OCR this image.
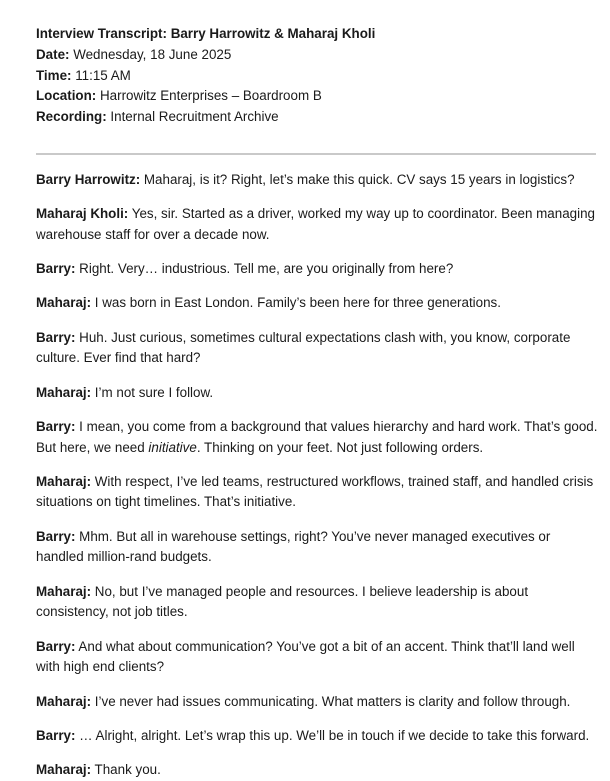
Interview Transcript: Barry Harrowitz & Maharaj Kholi
Date: Wednesday, 18 June 2025
Time: 11:15 AM
Location: Harrowitz Enterprises – Boardroom B
Recording: Internal Recruitment Archive

Barry Harrowitz: Maharaj, is it? Right, let’s make this quick. CV says 15 years in logistics?

Maharaj Kholi: Yes, sir. Started as a driver, worked my way up to coordinator. Been managing warehouse staff for over a decade now.

Barry: Right. Very… industrious. Tell me, are you originally from here?

Maharaj: I was born in East London. Family’s been here for three generations.

Barry: Huh. Just curious, sometimes cultural expectations clash with, you know, corporate culture. Ever find that hard?

Maharaj: I’m not sure I follow.

Barry: I mean, you come from a background that values hierarchy and hard work. That’s good. But here, we need initiative. Thinking on your feet. Not just following orders.

Maharaj: With respect, I’ve led teams, restructured workflows, trained staff, and handled crisis situations on tight timelines. That’s initiative.

Barry: Mhm. But all in warehouse settings, right? You’ve never managed executives or handled million-rand budgets.

Maharaj: No, but I’ve managed people and resources. I believe leadership is about consistency, not job titles.

Barry: And what about communication? You’ve got a bit of an accent. Think that’ll land well with high end clients?

Maharaj: I’ve never had issues communicating. What matters is clarity and follow through.

Barry: … Alright, alright. Let’s wrap this up. We’ll be in touch if we decide to take this forward.

Maharaj: Thank you.
